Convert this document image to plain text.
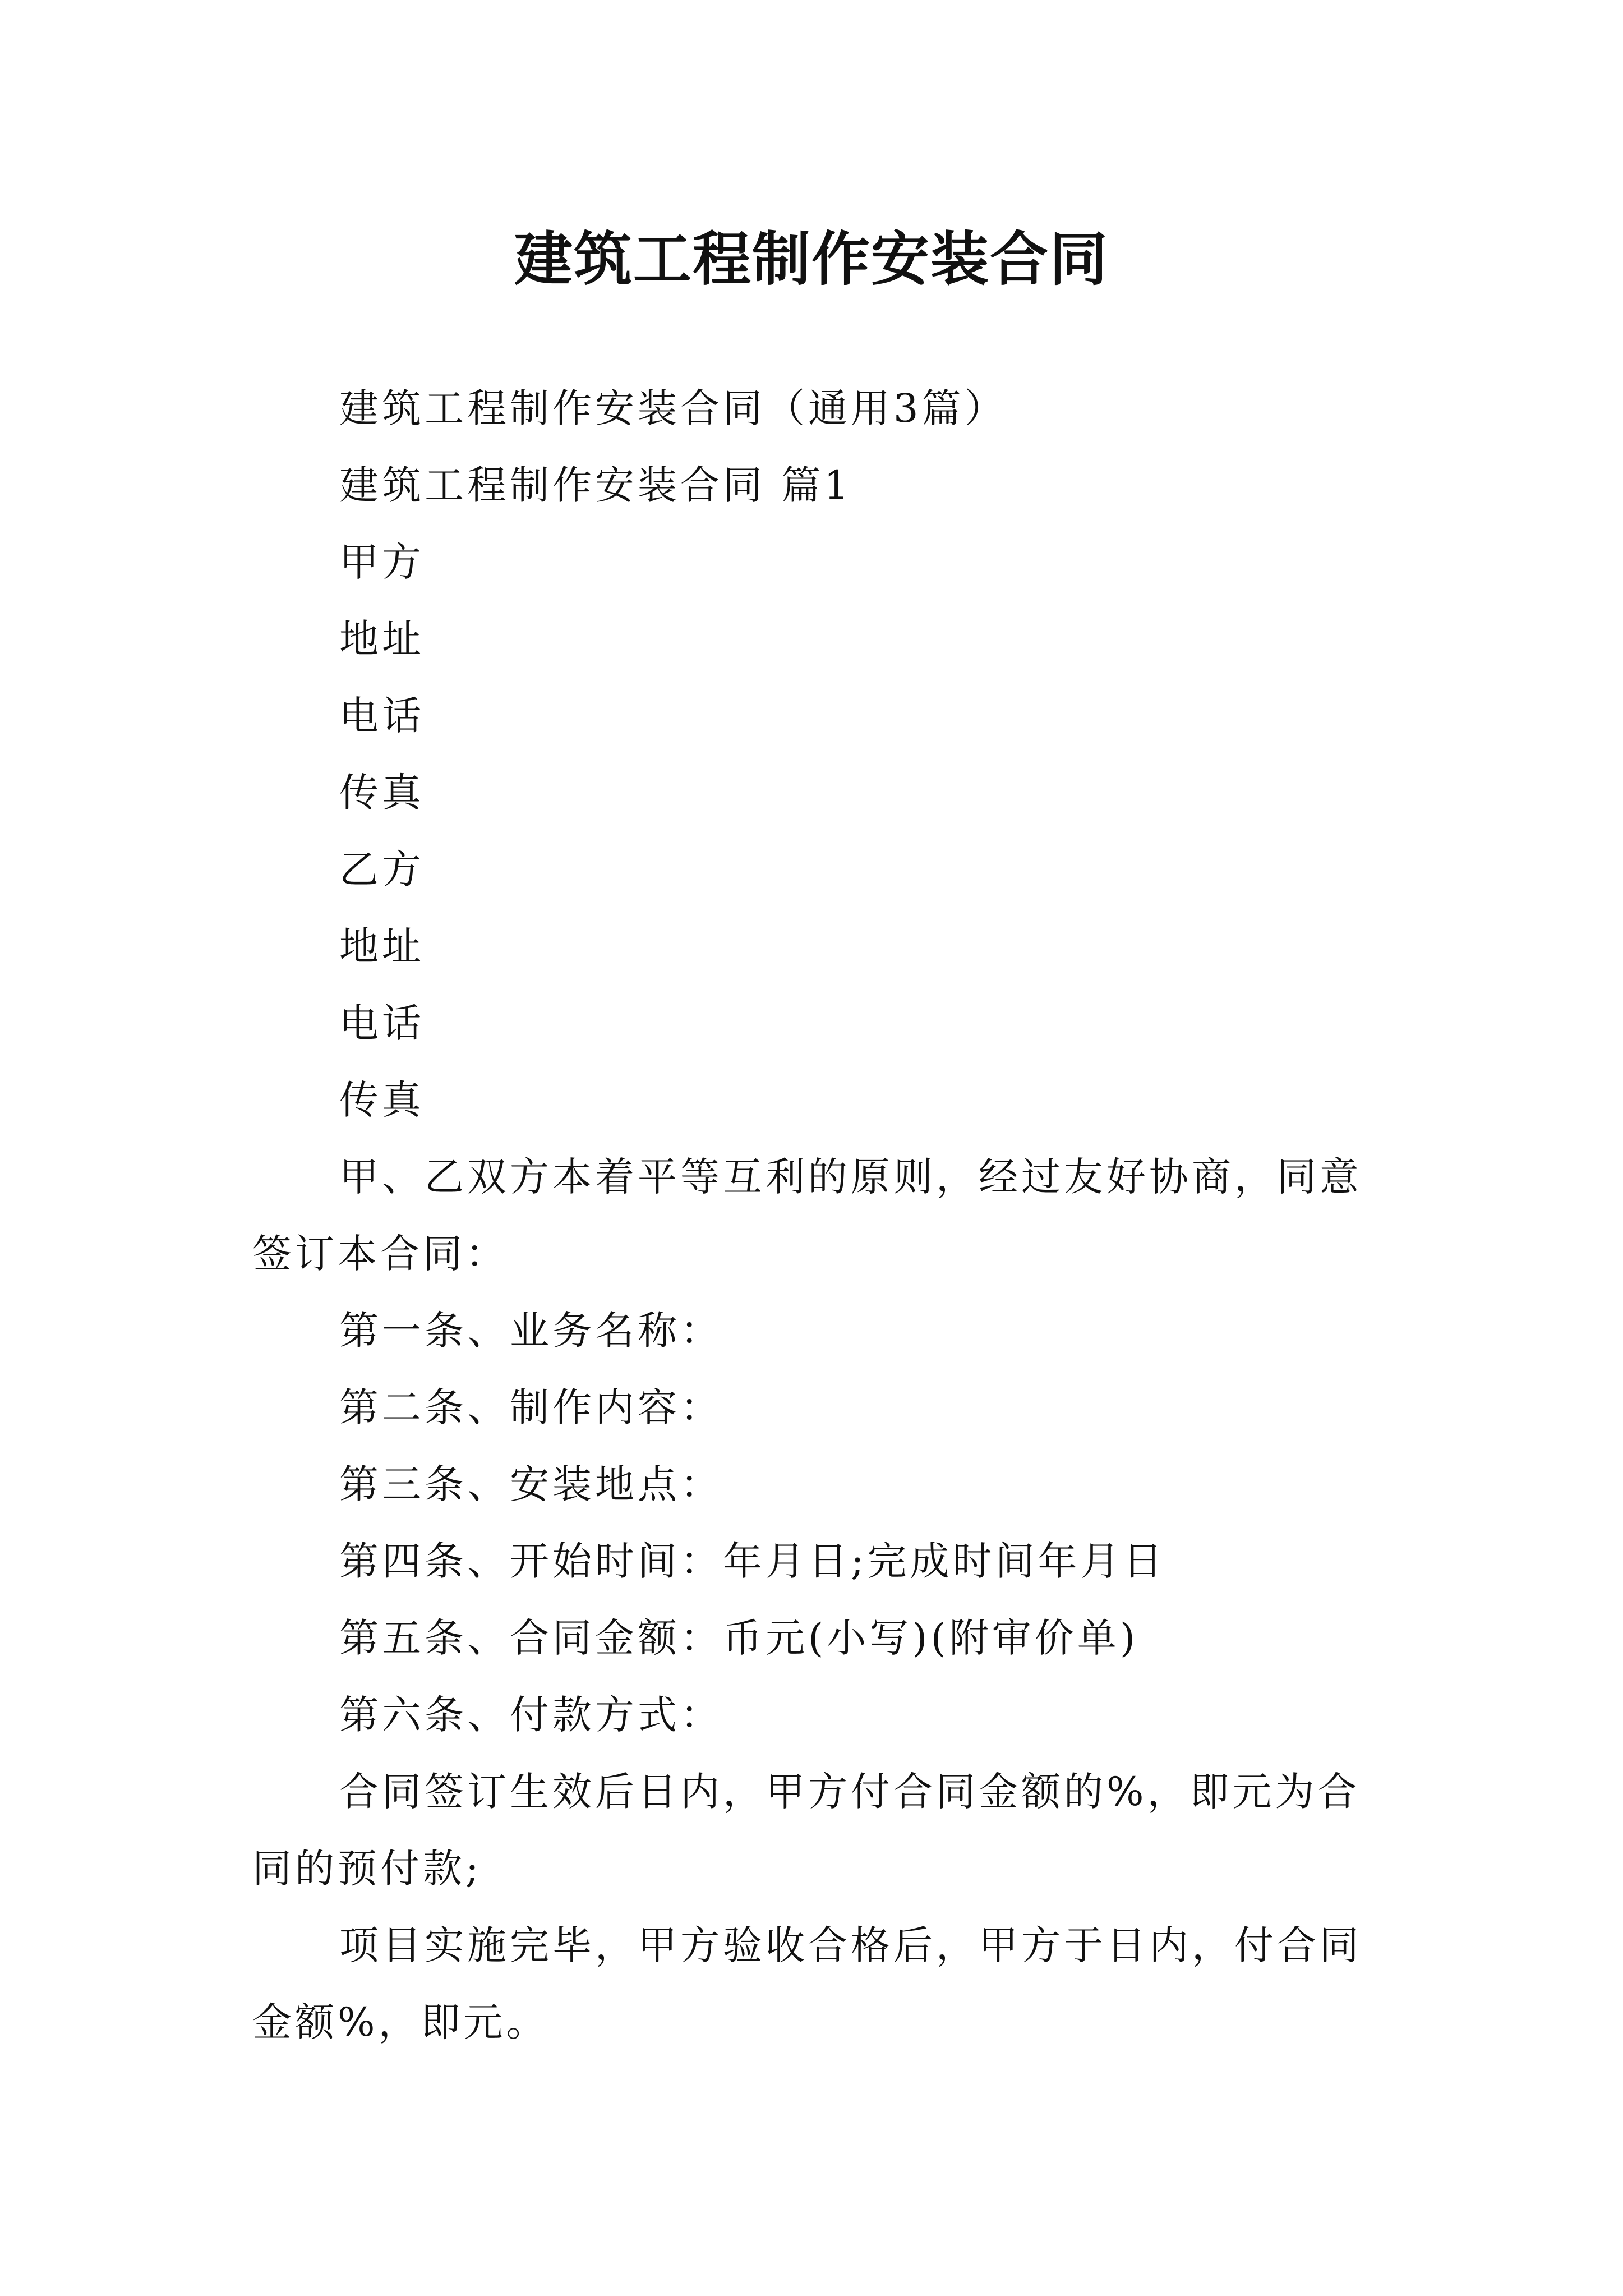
建筑工程制作安装合同

建筑工程制作安装合同（通用3篇）

建筑工程制作安装合同 篇1

甲方

地址

电话

传真

乙方

地址

电话

传真

甲、乙双方本着平等互利的原则，经过友好协商，同意签订本合同：

第一条、业务名称：

第二条、制作内容：

第三条、安装地点：

第四条、开始时间：年月日;完成时间年月日

第五条、合同金额：币元(小写)(附审价单)

第六条、付款方式：

合同签订生效后日内，甲方付合同金额的%，即元为合同的预付款;

项目实施完毕，甲方验收合格后，甲方于日内，付合同金额%，即元。
